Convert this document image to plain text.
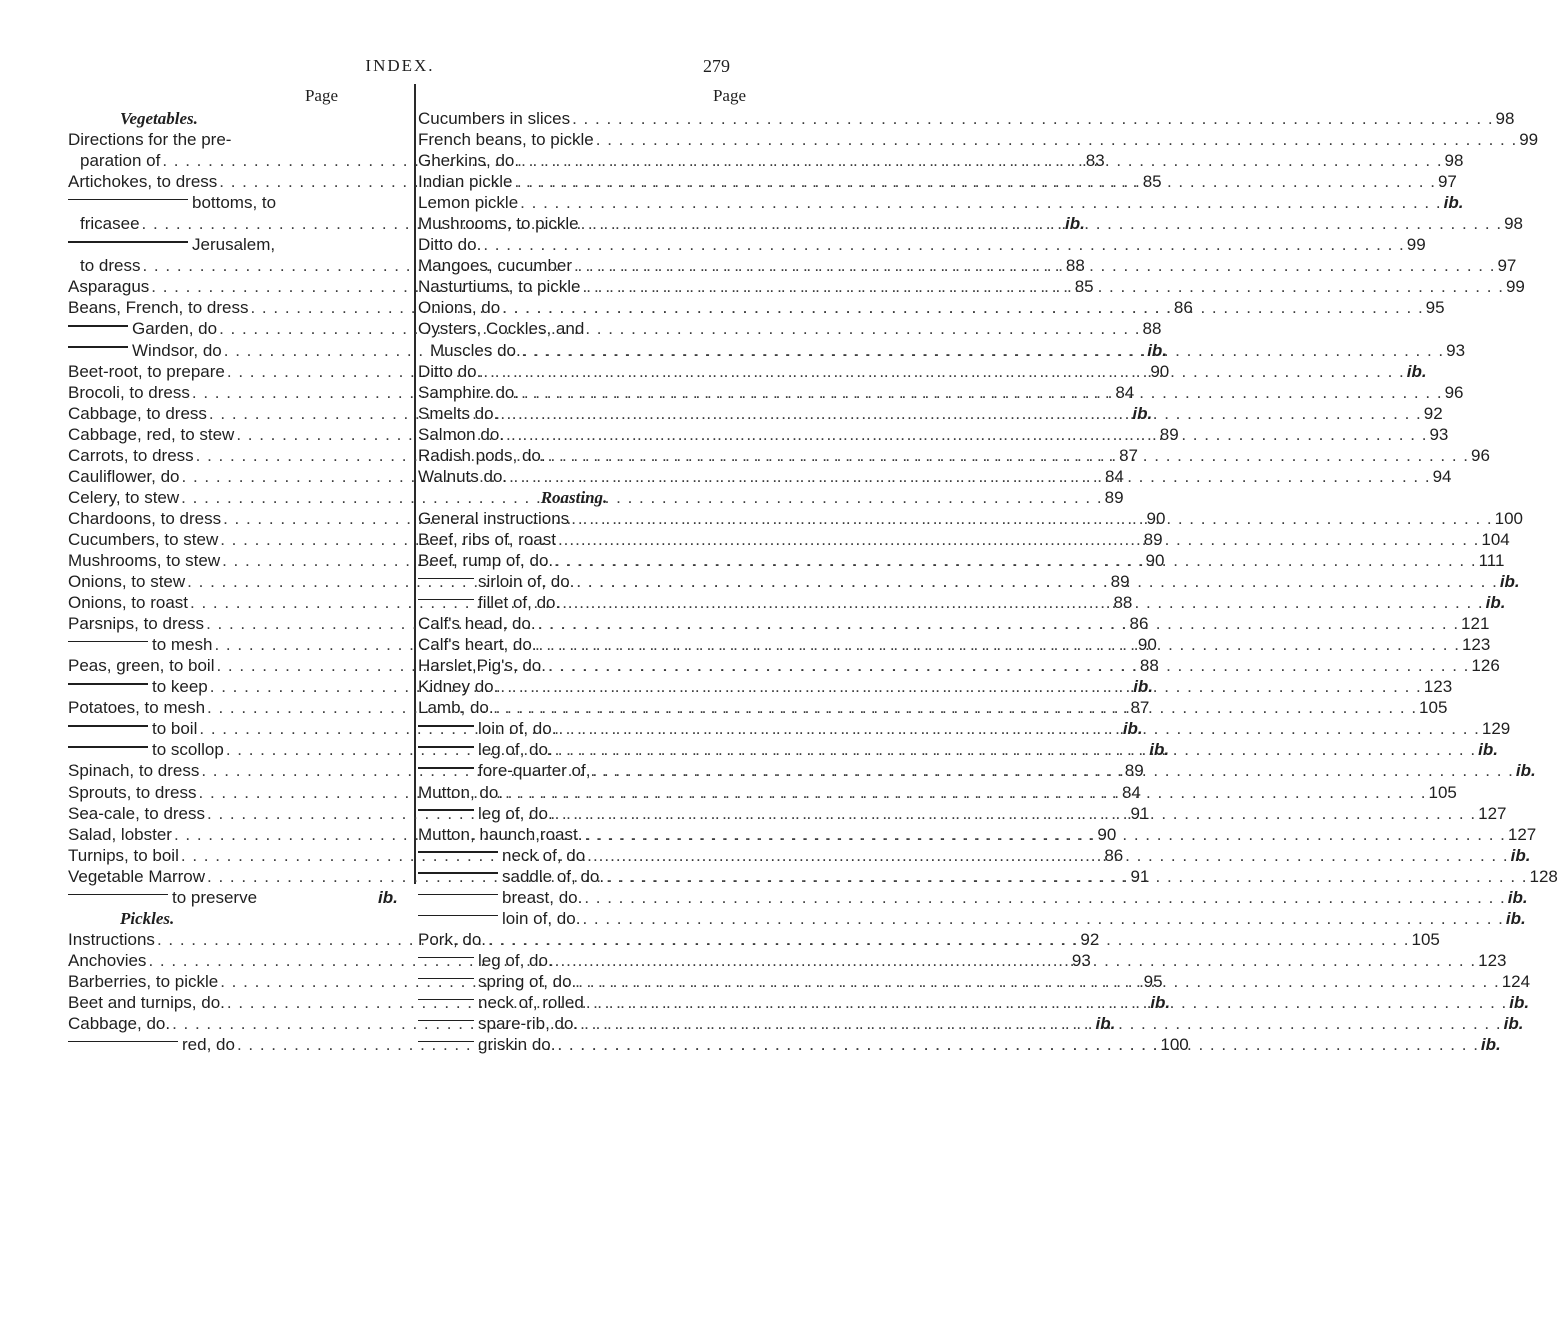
INDEX.	279
Page
Vegetables.
Directions for the pre-
paration of . . .	83
Artichokes, to dress . . .	85
bottoms, to
fricasee . . .	ib.
Jerusalem,
to dress . . .	88
Asparagus . . .	85
Beans, French, to dress . . .	86
Garden, do . . .	88
Windsor, do . . .	ib.
Beet-root, to prepare . . .	90
Brocoli, to dress . . .	84
Cabbage, to dress . . .	ib.
Cabbage, red, to stew . . .	89
Carrots, to dress . . .	87
Cauliflower, do . . .	84
Celery, to stew . . .	89
Chardoons, to dress . . .	90
Cucumbers, to stew . . .	89
Mushrooms, to stew . . .	90
Onions, to stew . . .	89
Onions, to roast . . .	88
Parsnips, to dress . . .	86
to mesh . . .	90
Peas, green, to boil . . .	88
to keep . . .	ib.
Potatoes, to mesh . . .	87
to boil . . .	ib.
to scollop . . .	ib.
Spinach, to dress . . .	89
Sprouts, to dress . . .	84
Sea-cale, to dress . . .	91
Salad, lobster . . .	90
Turnips, to boil . . .	86
Vegetable Marrow . . .	91
to preserve	ib.
Pickles.
Instructions . . .	92
Anchovies . . .	93
Barberries, to pickle . . .	95
Beet and turnips, do. . . .	ib.
Cabbage, do. . . .	ib.
red, do . . .	100
Page
Cucumbers in slices . . .	98
French beans, to pickle . . .	99
Gherkins, do. . . .	98
Indian pickle . . .	97
Lemon pickle . . .	ib.
Mushrooms, to pickle . . .	98
Ditto do. . . .	99
Mangoes, cucumber . . .	97
Nasturtiums, to pickle . . .	99
Onions, do . . .	95
Oysters, Cockles, and
Muscles do. . . .	93
Ditto do. . . .	ib.
Samphire do. . . .	96
Smelts do. . . .	92
Salmon do. . . .	93
Radish pods, do. . . .	96
Walnuts do. . . .	94
Roasting.
General instructions . . .	100
Beef, ribs of, roast . . .	104
Beef, rump of, do. . . .	111
sirloin of, do. . . .	ib.
fillet of, do. . . .	ib.
Calf's head, do. . . .	121
Calf's heart, do. . . .	123
Harslet,Pig's, do. . . .	126
Kidney do. . . .	123
Lamb, do. . . .	105
loin of, do. . . .	129
leg of, do. . . .	ib.
fore-quarter of, . . .	ib.
Mutton, do. . . .	105
leg of, do. . . .	127
Mutton, haunch,roast. . . .	127
neck of, do . . .	ib.
saddle of, do. . . .	128
breast, do. . . .	ib.
loin of, do. . . .	ib.
Pork, do. . . .	105
leg of, do. . . .	123
spring of, do. . . .	124
neck of, rolled . . .	ib.
spare-rib, do. . . .	ib.
griskin do. . . .	ib.
